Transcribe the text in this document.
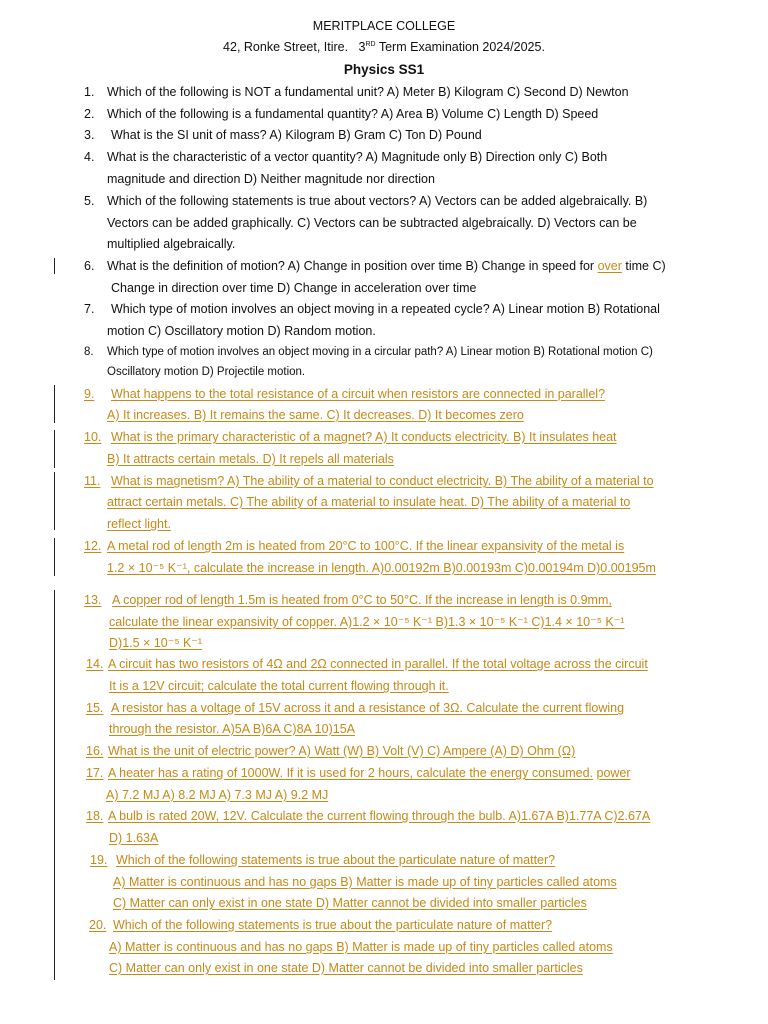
MERITPLACE COLLEGE
42, Ronke Street, Itire. 3RD Term Examination 2024/2025.
Physics SS1
1. Which of the following is NOT a fundamental unit? A) Meter B) Kilogram C) Second D) Newton
2. Which of the following is a fundamental quantity? A) Area B) Volume C) Length D) Speed
3. What is the SI unit of mass? A) Kilogram B) Gram C) Ton D) Pound
4. What is the characteristic of a vector quantity? A) Magnitude only B) Direction only C) Both
magnitude and direction D) Neither magnitude nor direction
5. Which of the following statements is true about vectors? A) Vectors can be added algebraically. B)
Vectors can be added graphically. C) Vectors can be subtracted algebraically. D) Vectors can be
multiplied algebraically.
6. What is the definition of motion? A) Change in position over time B) Change in speed for over time C)
Change in direction over time D) Change in acceleration over time
7. Which type of motion involves an object moving in a repeated cycle? A) Linear motion B) Rotational
motion C) Oscillatory motion D) Random motion.
8. Which type of motion involves an object moving in a circular path? A) Linear motion B) Rotational motion C)
Oscillatory motion D) Projectile motion.
9. What happens to the total resistance of a circuit when resistors are connected in parallel?
A) It increases. B) It remains the same. C) It decreases. D) It becomes zero
10. What is the primary characteristic of a magnet? A) It conducts electricity. B) It insulates heat
B) It attracts certain metals. D) It repels all materials
11. What is magnetism? A) The ability of a material to conduct electricity. B) The ability of a material to
attract certain metals. C) The ability of a material to insulate heat. D) The ability of a material to
reflect light.
12. A metal rod of length 2m is heated from 20°C to 100°C. If the linear expansivity of the metal is
1.2 × 10⁻⁵ K⁻¹, calculate the increase in length. A)0.00192m B)0.00193m C)0.00194m D)0.00195m
13. A copper rod of length 1.5m is heated from 0°C to 50°C. If the increase in length is 0.9mm,
calculate the linear expansivity of copper. A)1.2 × 10⁻⁵ K⁻¹ B)1.3 × 10⁻⁵ K⁻¹ C)1.4 × 10⁻⁵ K⁻¹
D)1.5 × 10⁻⁵ K⁻¹
14. A circuit has two resistors of 4Ω and 2Ω connected in parallel. If the total voltage across the circuit
It is a 12V circuit; calculate the total current flowing through it.
15. A resistor has a voltage of 15V across it and a resistance of 3Ω. Calculate the current flowing
through the resistor. A)5A B)6A C)8A 10)15A
16. What is the unit of electric power? A) Watt (W) B) Volt (V) C) Ampere (A) D) Ohm (Ω)
17. A heater has a rating of 1000W. If it is used for 2 hours, calculate the energy consumed. power
A) 7.2 MJ A) 8.2 MJ A) 7.3 MJ A) 9.2 MJ
18. A bulb is rated 20W, 12V. Calculate the current flowing through the bulb. A)1.67A B)1.77A C)2.67A
D) 1.63A
19. Which of the following statements is true about the particulate nature of matter?
A) Matter is continuous and has no gaps B) Matter is made up of tiny particles called atoms
C) Matter can only exist in one state D) Matter cannot be divided into smaller particles
20. Which of the following statements is true about the particulate nature of matter?
A) Matter is continuous and has no gaps B) Matter is made up of tiny particles called atoms
C) Matter can only exist in one state D) Matter cannot be divided into smaller particles
